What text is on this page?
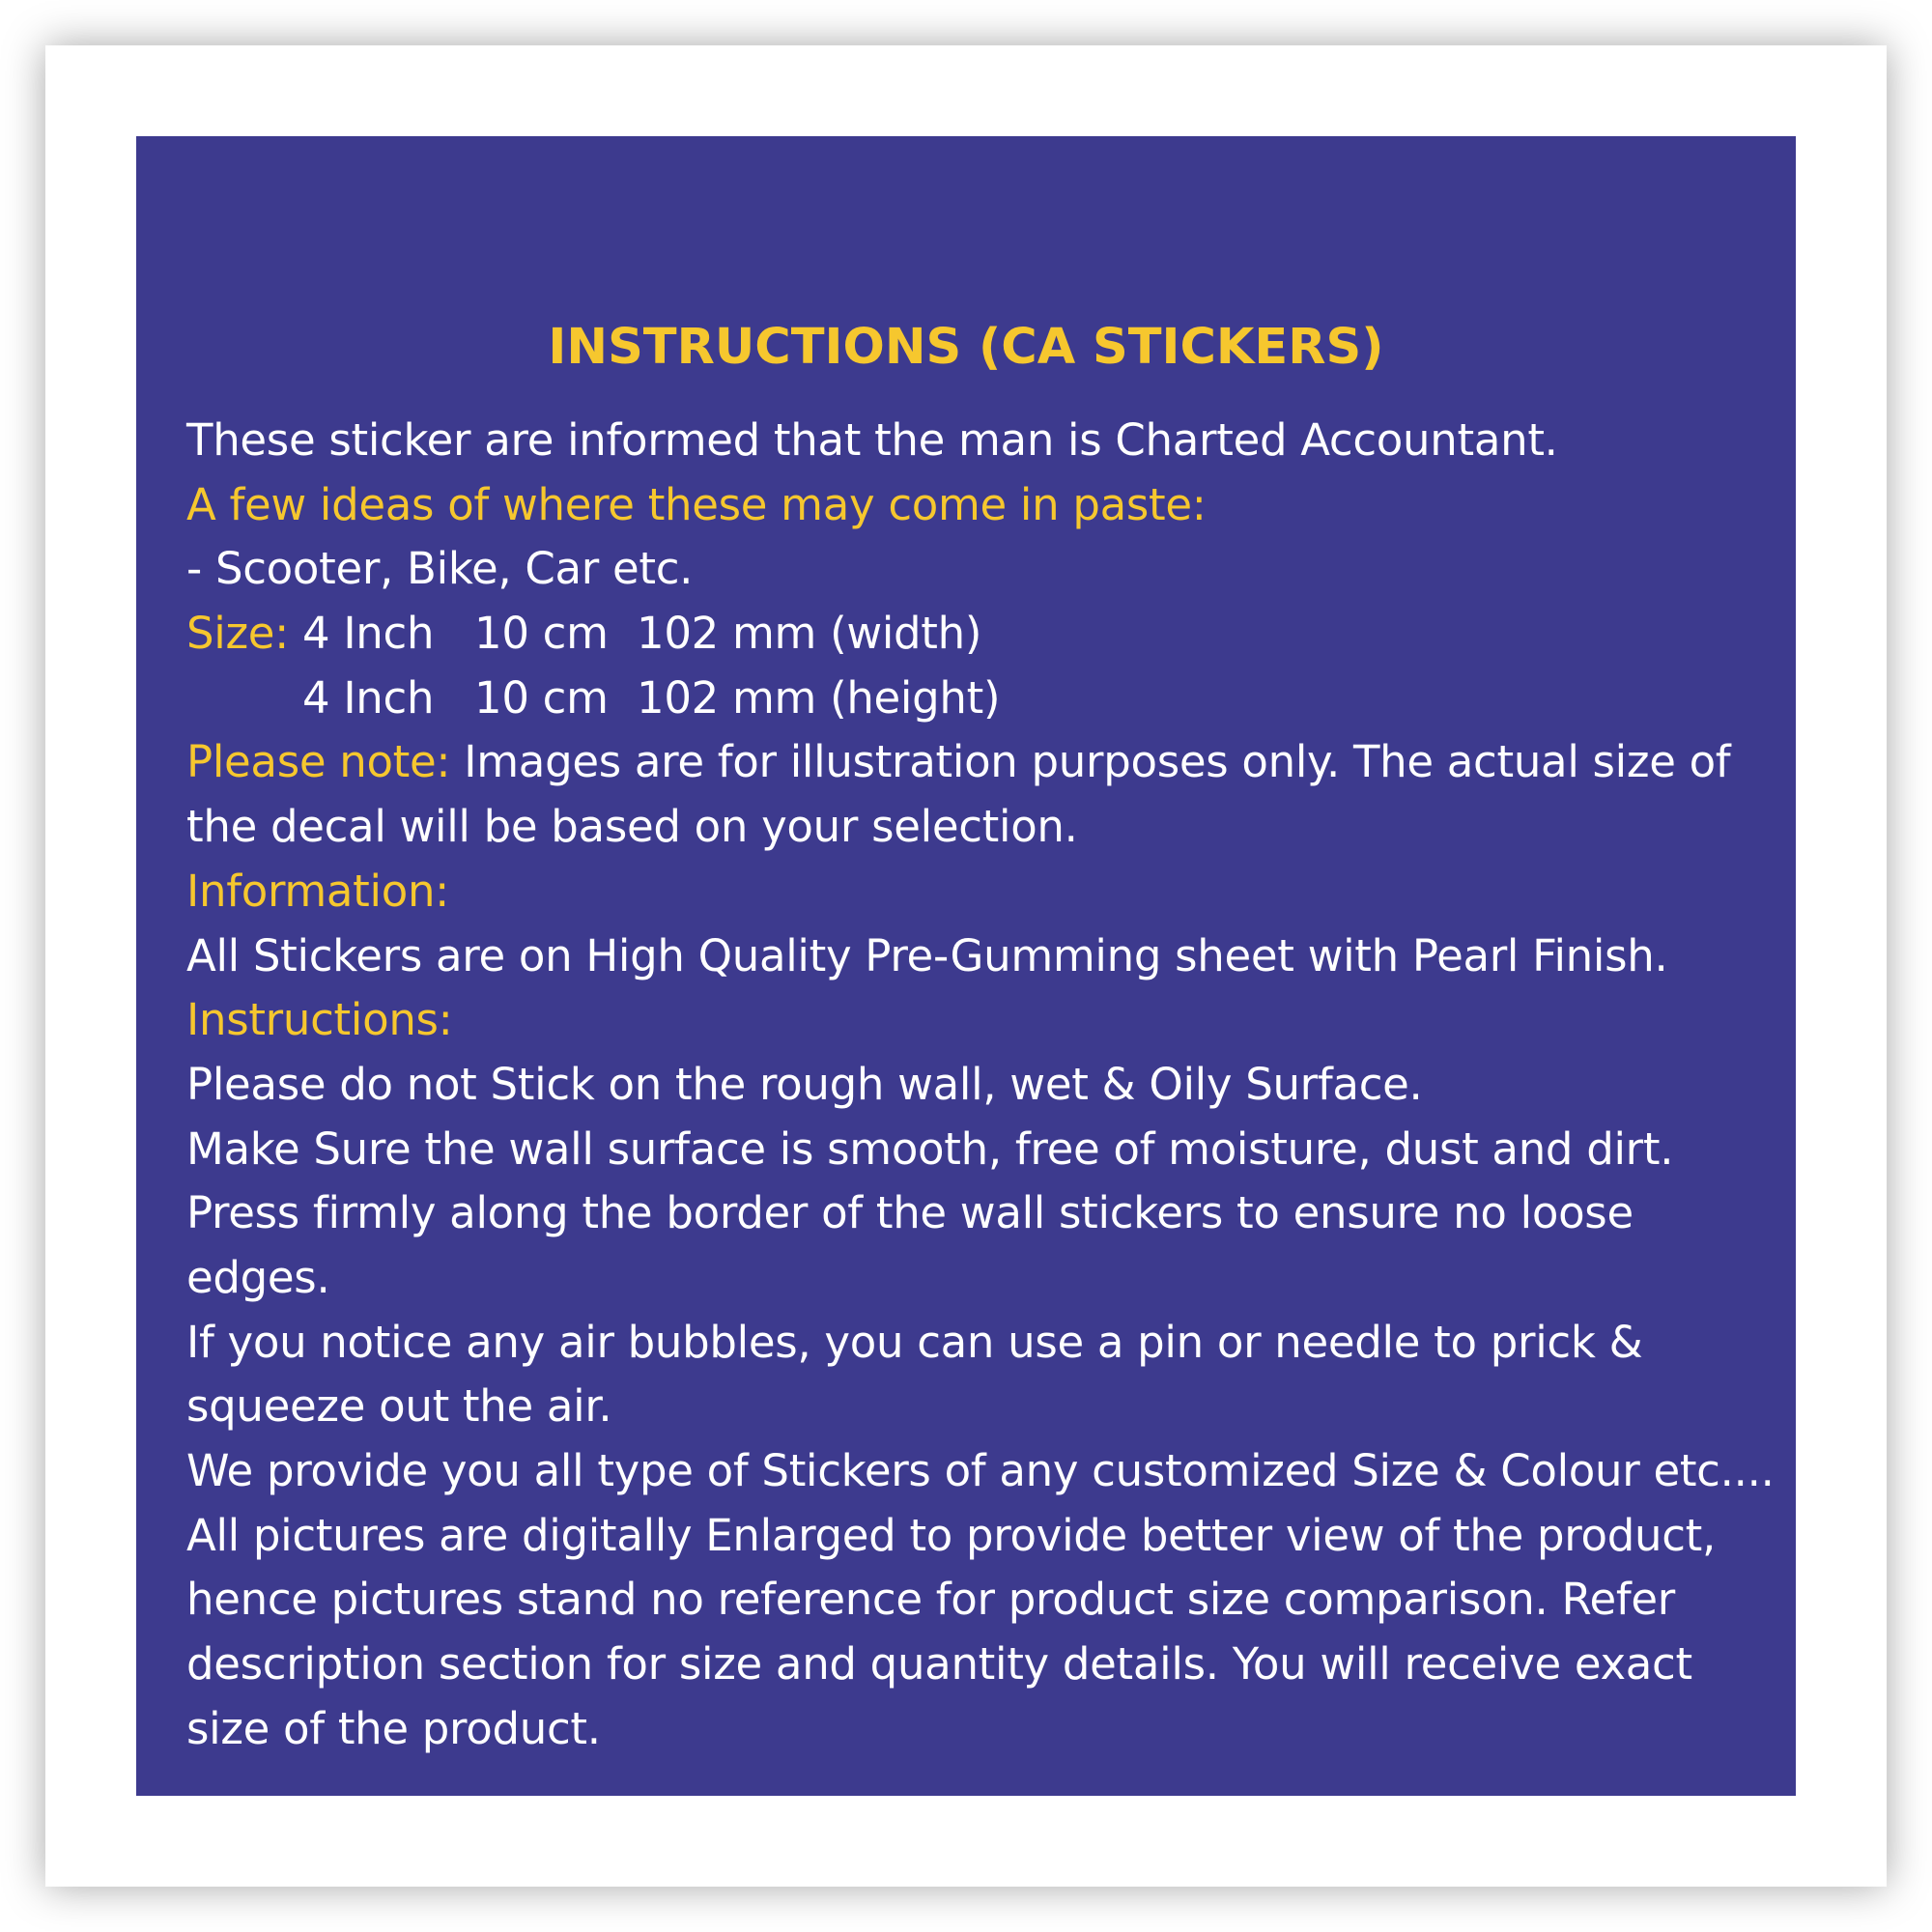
INSTRUCTIONS (CA STICKERS)
These sticker are informed that the man is Charted Accountant.
A few ideas of where these may come in paste:
- Scooter, Bike, Car etc.
Size: 4 Inch 10 cm 102 mm (width)
4 Inch 10 cm 102 mm (height)
Please note: Images are for illustration purposes only. The actual size of
the decal will be based on your selection.
Information:
All Stickers are on High Quality Pre-Gumming sheet with Pearl Finish.
Instructions:
Please do not Stick on the rough wall, wet & Oily Surface.
Make Sure the wall surface is smooth, free of moisture, dust and dirt.
Press firmly along the border of the wall stickers to ensure no loose
edges.
If you notice any air bubbles, you can use a pin or needle to prick &
squeeze out the air.
We provide you all type of Stickers of any customized Size & Colour etc....
All pictures are digitally Enlarged to provide better view of the product,
hence pictures stand no reference for product size comparison. Refer
description section for size and quantity details. You will receive exact
size of the product.
